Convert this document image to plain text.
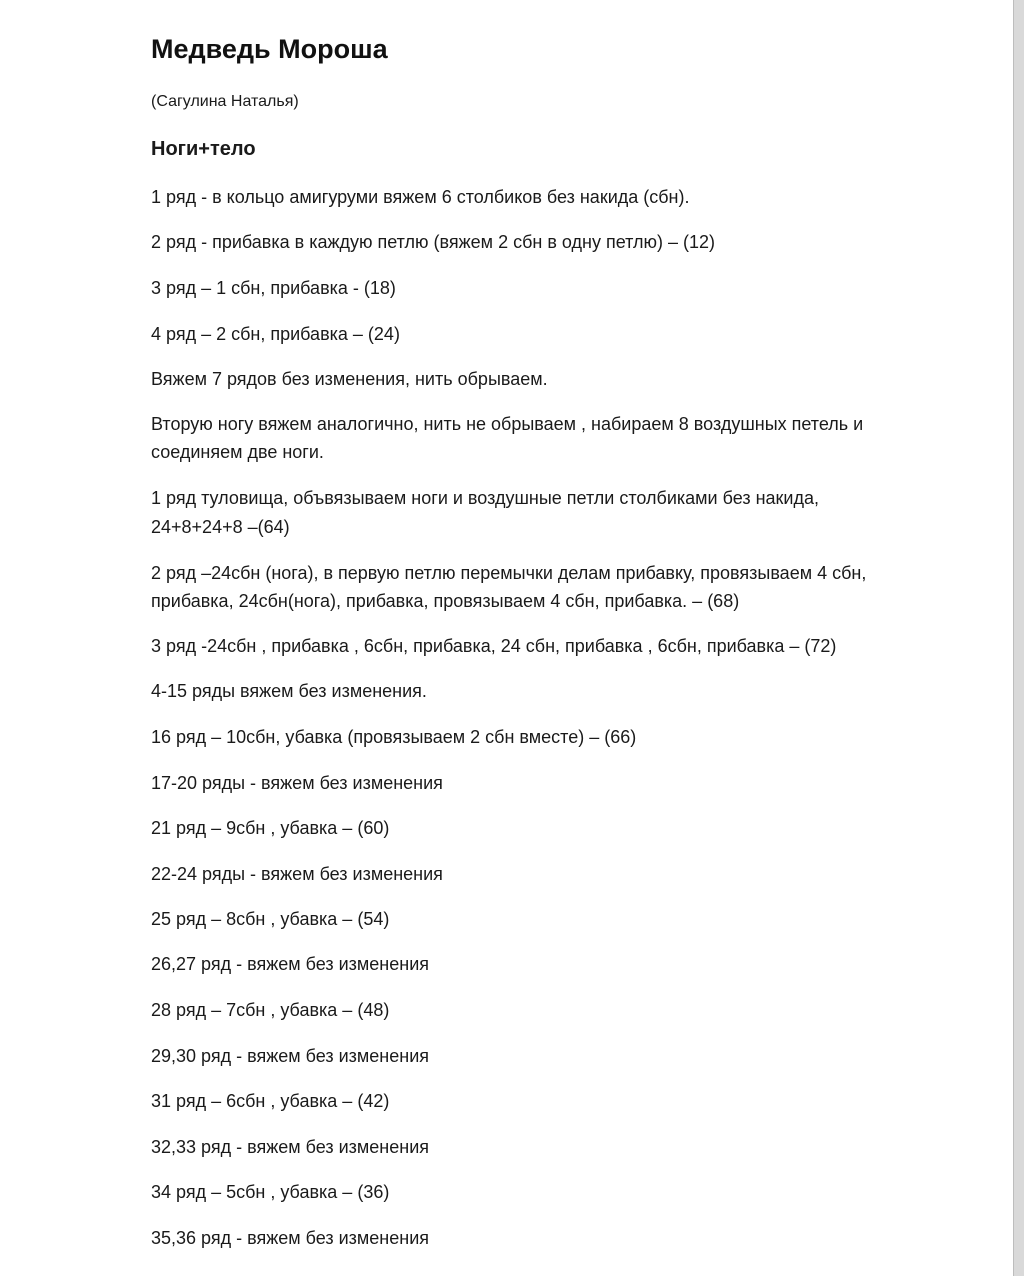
Медведь Мороша
(Сагулина Наталья)
Ноги+тело
1 ряд - в кольцо амигуруми вяжем 6 столбиков без накида (сбн).
2 ряд - прибавка в каждую петлю (вяжем 2 сбн в одну петлю) – (12)
3 ряд – 1 сбн, прибавка - (18)
4 ряд – 2 сбн, прибавка – (24)
Вяжем 7 рядов без изменения, нить обрываем.
Вторую ногу вяжем аналогично, нить не обрываем , набираем 8 воздушных петель и
соединяем две ноги.
1 ряд туловища, объвязываем ноги и воздушные петли столбиками без накида,
24+8+24+8 –(64)
2 ряд –24сбн (нога), в первую петлю перемычки делам прибавку, провязываем 4 сбн,
прибавка, 24сбн(нога), прибавка, провязываем 4 сбн, прибавка. – (68)
3 ряд -24сбн , прибавка , 6сбн, прибавка, 24 сбн, прибавка , 6сбн, прибавка – (72)
4-15 ряды вяжем без изменения.
16 ряд – 10сбн, убавка (провязываем 2 сбн вместе) – (66)
17-20 ряды - вяжем без изменения
21 ряд – 9сбн , убавка – (60)
22-24 ряды - вяжем без изменения
25 ряд – 8сбн , убавка – (54)
26,27 ряд - вяжем без изменения
28 ряд – 7сбн , убавка – (48)
29,30 ряд - вяжем без изменения
31 ряд – 6сбн , убавка – (42)
32,33 ряд - вяжем без изменения
34 ряд – 5сбн , убавка – (36)
35,36 ряд - вяжем без изменения
